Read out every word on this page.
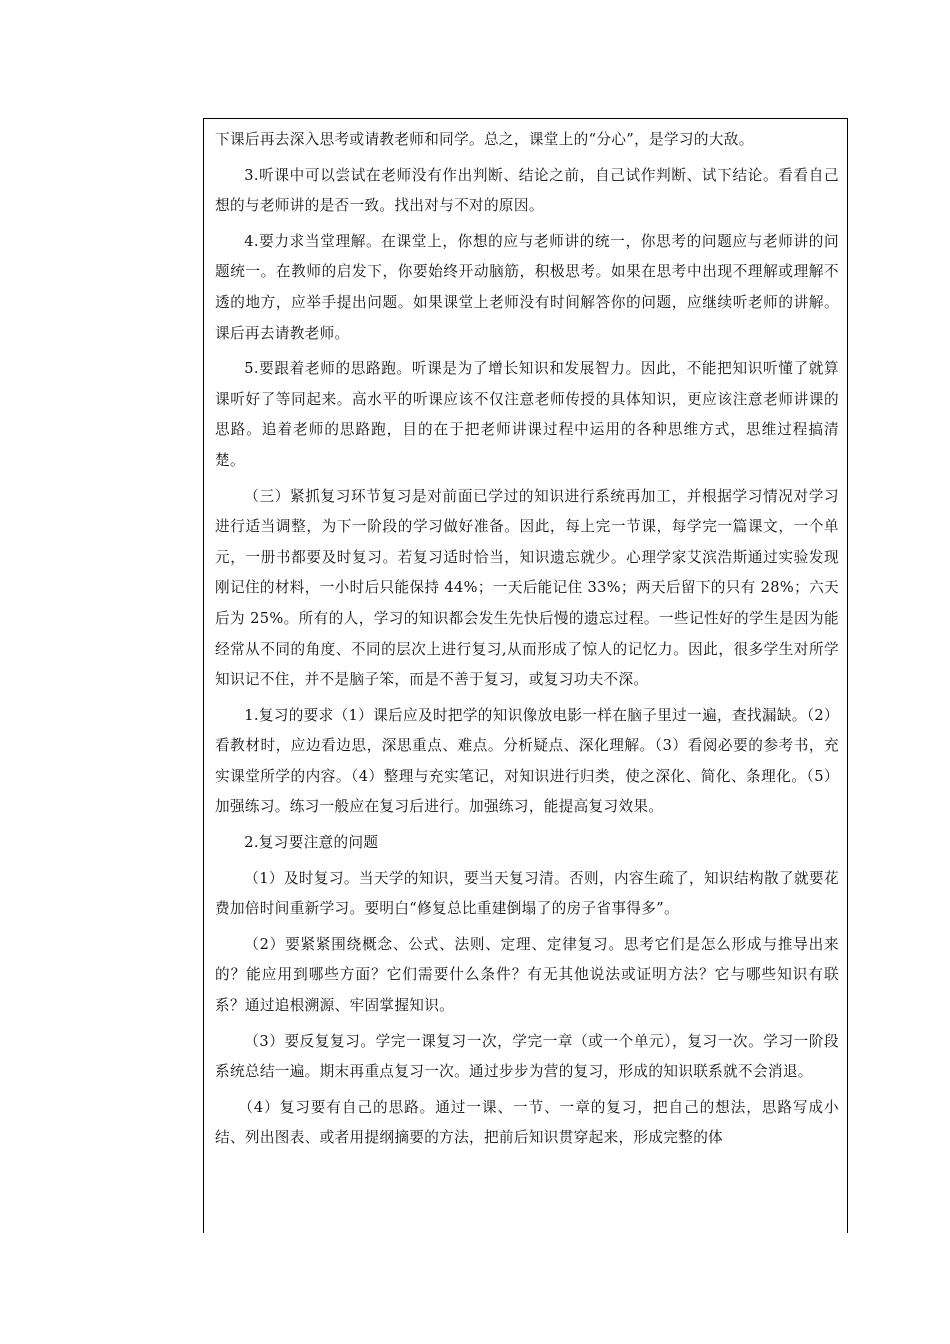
下课后再去深入思考或请教老师和同学。总之，课堂上的“分心”，是学习的大敌。

3.听课中可以尝试在老师没有作出判断、结论之前，自己试作判断、试下结论。看看自己想的与老师讲的是否一致。找出对与不对的原因。

4.要力求当堂理解。在课堂上，你想的应与老师讲的统一，你思考的问题应与老师讲的问题统一。在教师的启发下，你要始终开动脑筋，积极思考。如果在思考中出现不理解或理解不透的地方，应举手提出问题。如果课堂上老师没有时间解答你的问题，应继续听老师的讲解。课后再去请教老师。

5.要跟着老师的思路跑。听课是为了增长知识和发展智力。因此，不能把知识听懂了就算课听好了等同起来。高水平的听课应该不仅注意老师传授的具体知识，更应该注意老师讲课的思路。追着老师的思路跑，目的在于把老师讲课过程中运用的各种思维方式，思维过程搞清楚。

（三）紧抓复习环节复习是对前面已学过的知识进行系统再加工，并根据学习情况对学习进行适当调整，为下一阶段的学习做好准备。因此，每上完一节课，每学完一篇课文，一个单元，一册书都要及时复习。若复习适时恰当，知识遗忘就少。心理学家艾滨浩斯通过实验发现刚记住的材料，一小时后只能保持 44%；一天后能记住 33%；两天后留下的只有 28%；六天后为 25%。所有的人，学习的知识都会发生先快后慢的遗忘过程。一些记性好的学生是因为能经常从不同的角度、不同的层次上进行复习,从而形成了惊人的记忆力。因此，很多学生对所学知识记不住，并不是脑子笨，而是不善于复习，或复习功夫不深。

1.复习的要求（1）课后应及时把学的知识像放电影一样在脑子里过一遍，查找漏缺。（2）看教材时，应边看边思，深思重点、难点。分析疑点、深化理解。（3）看阅必要的参考书，充实课堂所学的内容。（4）整理与充实笔记，对知识进行归类，使之深化、简化、条理化。（5）加强练习。练习一般应在复习后进行。加强练习，能提高复习效果。

2.复习要注意的问题

（1）及时复习。当天学的知识，要当天复习清。否则，内容生疏了，知识结构散了就要花费加倍时间重新学习。要明白“修复总比重建倒塌了的房子省事得多”。

（2）要紧紧围绕概念、公式、法则、定理、定律复习。思考它们是怎么形成与推导出来的？能应用到哪些方面？它们需要什么条件？有无其他说法或证明方法？它与哪些知识有联系？通过追根溯源、牢固掌握知识。

（3）要反复复习。学完一课复习一次，学完一章（或一个单元），复习一次。学习一阶段系统总结一遍。期末再重点复习一次。通过步步为营的复习，形成的知识联系就不会消退。

（4）复习要有自己的思路。通过一课、一节、一章的复习，把自己的想法，思路写成小结、列出图表、或者用提纲摘要的方法，把前后知识贯穿起来，形成完整的体
